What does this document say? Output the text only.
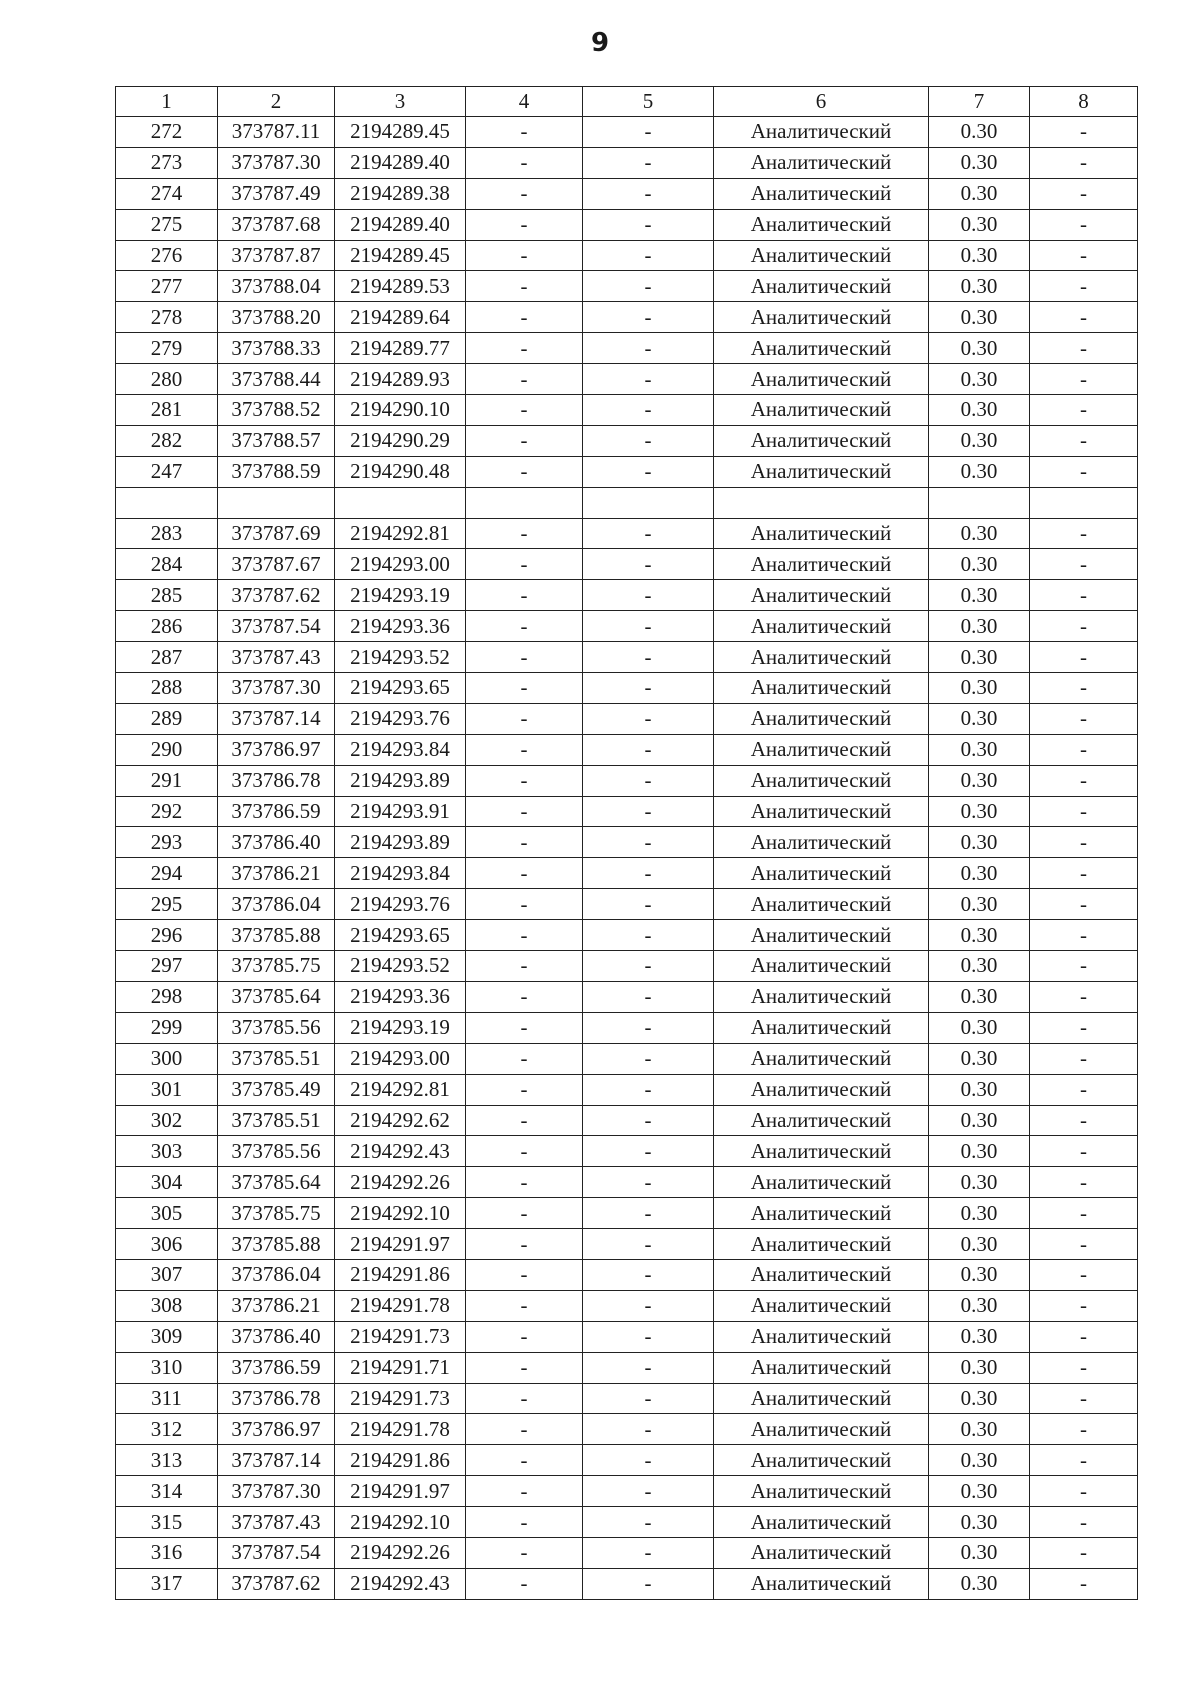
9
1	2	3	4	5	6	7	8
272	373787.11	2194289.45	-	-	Аналитический	0.30	-
273	373787.30	2194289.40	-	-	Аналитический	0.30	-
274	373787.49	2194289.38	-	-	Аналитический	0.30	-
275	373787.68	2194289.40	-	-	Аналитический	0.30	-
276	373787.87	2194289.45	-	-	Аналитический	0.30	-
277	373788.04	2194289.53	-	-	Аналитический	0.30	-
278	373788.20	2194289.64	-	-	Аналитический	0.30	-
279	373788.33	2194289.77	-	-	Аналитический	0.30	-
280	373788.44	2194289.93	-	-	Аналитический	0.30	-
281	373788.52	2194290.10	-	-	Аналитический	0.30	-
282	373788.57	2194290.29	-	-	Аналитический	0.30	-
247	373788.59	2194290.48	-	-	Аналитический	0.30	-

283	373787.69	2194292.81	-	-	Аналитический	0.30	-
284	373787.67	2194293.00	-	-	Аналитический	0.30	-
285	373787.62	2194293.19	-	-	Аналитический	0.30	-
286	373787.54	2194293.36	-	-	Аналитический	0.30	-
287	373787.43	2194293.52	-	-	Аналитический	0.30	-
288	373787.30	2194293.65	-	-	Аналитический	0.30	-
289	373787.14	2194293.76	-	-	Аналитический	0.30	-
290	373786.97	2194293.84	-	-	Аналитический	0.30	-
291	373786.78	2194293.89	-	-	Аналитический	0.30	-
292	373786.59	2194293.91	-	-	Аналитический	0.30	-
293	373786.40	2194293.89	-	-	Аналитический	0.30	-
294	373786.21	2194293.84	-	-	Аналитический	0.30	-
295	373786.04	2194293.76	-	-	Аналитический	0.30	-
296	373785.88	2194293.65	-	-	Аналитический	0.30	-
297	373785.75	2194293.52	-	-	Аналитический	0.30	-
298	373785.64	2194293.36	-	-	Аналитический	0.30	-
299	373785.56	2194293.19	-	-	Аналитический	0.30	-
300	373785.51	2194293.00	-	-	Аналитический	0.30	-
301	373785.49	2194292.81	-	-	Аналитический	0.30	-
302	373785.51	2194292.62	-	-	Аналитический	0.30	-
303	373785.56	2194292.43	-	-	Аналитический	0.30	-
304	373785.64	2194292.26	-	-	Аналитический	0.30	-
305	373785.75	2194292.10	-	-	Аналитический	0.30	-
306	373785.88	2194291.97	-	-	Аналитический	0.30	-
307	373786.04	2194291.86	-	-	Аналитический	0.30	-
308	373786.21	2194291.78	-	-	Аналитический	0.30	-
309	373786.40	2194291.73	-	-	Аналитический	0.30	-
310	373786.59	2194291.71	-	-	Аналитический	0.30	-
311	373786.78	2194291.73	-	-	Аналитический	0.30	-
312	373786.97	2194291.78	-	-	Аналитический	0.30	-
313	373787.14	2194291.86	-	-	Аналитический	0.30	-
314	373787.30	2194291.97	-	-	Аналитический	0.30	-
315	373787.43	2194292.10	-	-	Аналитический	0.30	-
316	373787.54	2194292.26	-	-	Аналитический	0.30	-
317	373787.62	2194292.43	-	-	Аналитический	0.30	-
